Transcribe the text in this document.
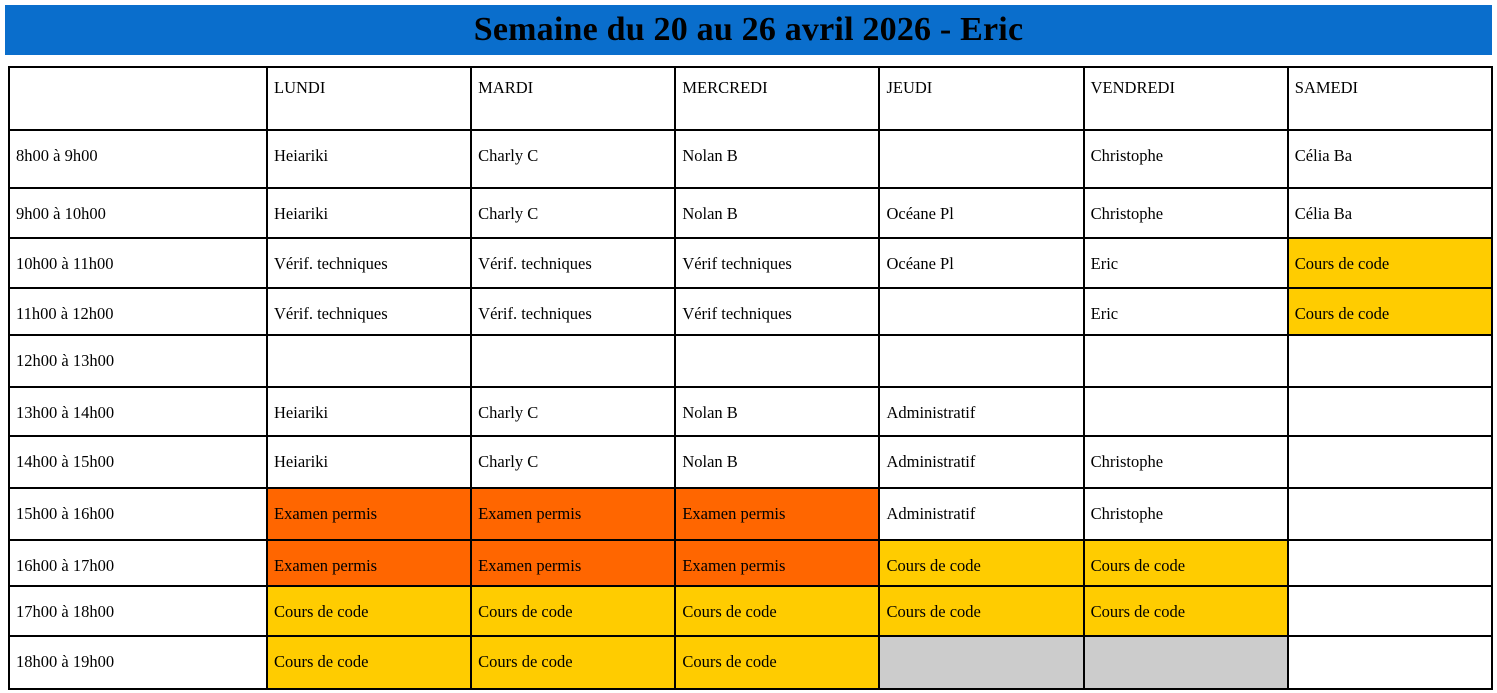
Semaine du 20 au 26 avril 2026 - Eric
	LUNDI	MARDI	MERCREDI	JEUDI	VENDREDI	SAMEDI
8h00 à 9h00	Heiariki	Charly C	Nolan B		Christophe	Célia Ba
9h00 à 10h00	Heiariki	Charly C	Nolan B	Océane Pl	Christophe	Célia Ba
10h00 à 11h00	Vérif. techniques	Vérif. techniques	Vérif techniques	Océane Pl	Eric	Cours de code
11h00 à 12h00	Vérif. techniques	Vérif. techniques	Vérif techniques		Eric	Cours de code
12h00 à 13h00						
13h00 à 14h00	Heiariki	Charly C	Nolan B	Administratif		
14h00 à 15h00	Heiariki	Charly C	Nolan B	Administratif	Christophe	
15h00 à 16h00	Examen permis	Examen permis	Examen permis	Administratif	Christophe	
16h00 à 17h00	Examen permis	Examen permis	Examen permis	Cours de code	Cours de code	
17h00 à 18h00	Cours de code	Cours de code	Cours de code	Cours de code	Cours de code	
18h00 à 19h00	Cours de code	Cours de code	Cours de code			
